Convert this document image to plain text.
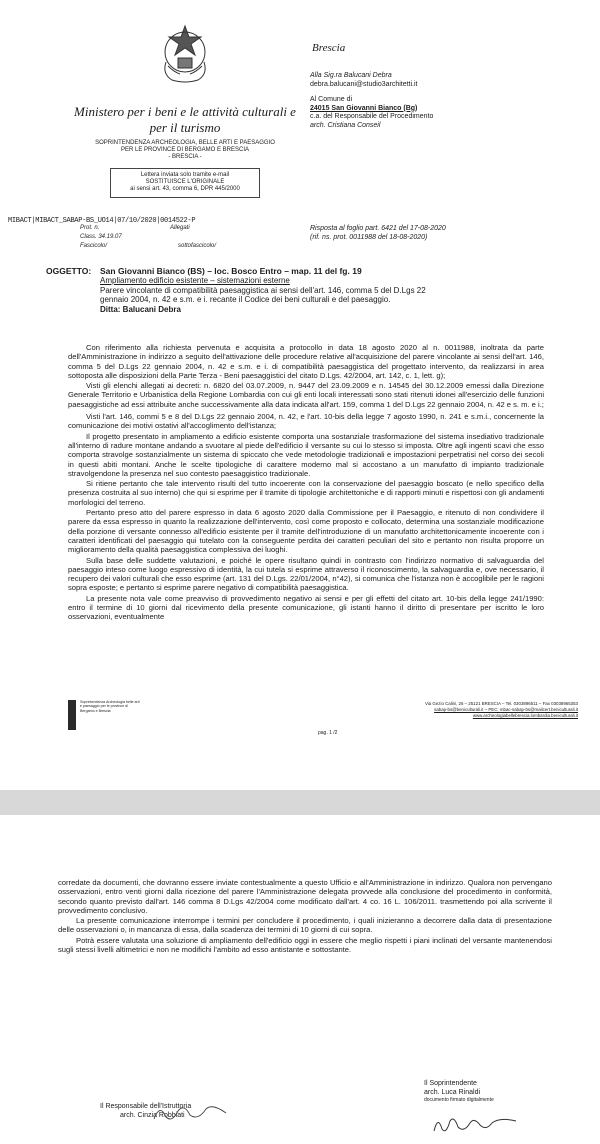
Ministero per i beni e le attività culturali e
per il turismo
SOPRINTENDENZA ARCHEOLOGIA, BELLE ARTI E PAESAGGIO
PER LE PROVINCE DI BERGAMO E BRESCIA
- BRESCIA -
Lettera inviata solo tramite e-mail
SOSTITUISCE L'ORIGINALE
ai sensi art. 43, comma 6, DPR 445/2000
Brescia
Alla Sig.ra Balucani Debra
debra.balucani@studio3architetti.it
Al Comune di
24015 San Giovanni Bianco (Bg)
c.a. del Responsabile del Procedimento
arch. Cristiana Conseil
MIBACT|MIBACT_SABAP-BS_UO14|07/10/2020|0014522-P
Prot. n.	Allegati
Class. 34.19.07
Fascicolo/	sottofascicolo/
Risposta al foglio part. 6421 del 17-08-2020
(rif. ns. prot. 0011988 del 18-08-2020)
OGGETTO: San Giovanni Bianco (BS) – loc. Bosco Entro – map. 11 del fg. 19
Ampliamento edificio esistente – sistemazioni esterne
Parere vincolante di compatibilità paesaggistica ai sensi dell'art. 146, comma 5 del D.Lgs 22
gennaio 2004, n. 42 e s.m. e i. recante il Codice dei beni culturali e del paesaggio.
Ditta: Balucani Debra

Con riferimento alla richiesta pervenuta e acquisita a protocollo in data 18 agosto 2020 al n. 0011988, inoltrata da parte dell'Amministrazione in indirizzo a seguito dell'attivazione delle procedure relative all'acquisizione del parere vincolante ai sensi dell'art. 146, comma 5 del D.Lgs 22 gennaio 2004, n. 42 e s.m. e i. di compatibilità paesaggistica del progettato intervento, da realizzarsi in area sottoposta alle disposizioni della Parte Terza - Beni paesaggistici del citato D.Lgs. 42/2004, art. 142, c. 1, lett. g);

Visti gli elenchi allegati ai decreti: n. 6820 del 03.07.2009, n. 9447 del 23.09.2009 e n. 14545 del 30.12.2009 emessi dalla Direzione Generale Territorio e Urbanistica della Regione Lombardia con cui gli enti locali interessati sono stati ritenuti idonei all'esercizio delle funzioni paesaggistiche ad essi attribuite anche successivamente alla data indicata all'art. 159, comma 1 del D.Lgs 22 gennaio 2004, n. 42 e s. m. e i.;

Visti l'art. 146, commi 5 e 8 del D.Lgs 22 gennaio 2004, n. 42, e l'art. 10-bis della legge 7 agosto 1990, n. 241 e s.m.i., concernente la comunicazione dei motivi ostativi all'accoglimento dell'istanza;

Il progetto presentato in ampliamento a edificio esistente comporta una sostanziale trasformazione del sistema insediativo tradizionale all'interno di radure montane andando a svuotare al piede dell'edificio il versante su cui lo stesso si imposta. Oltre agli ingenti scavi che esso comporta stravolge sostanzialmente un sistema di spiccato che vede metodologie tradizionali e impostazioni perpetratisi nel corso dei secoli in questi abiti montani. Anche le scelte tipologiche di carattere moderno mal si accostano a un manufatto di impianto tradizionale stravolgendone la presenza nel suo contesto paesaggistico tradizionale.

Si ritiene pertanto che tale intervento risulti del tutto incoerente con la conservazione del paesaggio boscato (e nello specifico della presenza costruita al suo interno) che qui si esprime per il tramite di tipologie architettoniche e di rapporti minuti e rispettosi con gli andamenti morfologici del terreno.

Pertanto preso atto del parere espresso in data 6 agosto 2020 dalla Commissione per il Paesaggio, e ritenuto di non condividere il parere da essa espresso in quanto la realizzazione dell'intervento, così come proposto e collocato, determina una sostanziale modificazione della porzione di versante connesso all'edificio esistente per il tramite dell'introduzione di un manufatto architettonicamente incoerente con i caratteri identificati del paesaggio qui tutelato con la conseguente perdita dei caratteri peculiari del sito e pertanto non risulta proporre un miglioramento della qualità paesaggistica complessiva dei luoghi.

Sulla base delle suddette valutazioni, e poiché le opere risultano quindi in contrasto con l'indirizzo normativo di salvaguardia del paesaggio inteso come luogo espressivo di identità, la cui tutela si esprime attraverso il riconoscimento, la salvaguardia e, ove necessario, il recupero dei valori culturali che esso esprime (art. 131 del D.Lgs. 22/01/2004, n°42), si comunica che l'istanza non è accoglibile per le ragioni sopra esposte; e pertanto si esprime parere negativo di compatibilità paesaggistica.

La presente nota vale come preavviso di provvedimento negativo ai sensi e per gli effetti del citato art. 10-bis della legge 241/1990: entro il termine di 10 giorni dal ricevimento della presente comunicazione, gli istanti hanno il diritto di presentare per iscritto le loro osservazioni, eventualmente

Soprintendenza Archeologia belle arti e paesaggio per le province di Bergamo e Brescia
Via Gezio Calini, 26 – 25121 BRESCIA – Tel. 0303896511 – Fax 03038965353
sabap-bs@beniculturali.it – PEC: mbac-sabap-bs@mailcert.beniculturali.it
www.archeologiabellebrescia.lombardia.beniculturali.it
pag. 1 /2

corredate da documenti, che dovranno essere inviate contestualmente a questo Ufficio e all'Amministrazione in indirizzo. Qualora non pervengano osservazioni, entro venti giorni dalla ricezione del parere l'Amministrazione delegata provvede alla conclusione del procedimento in conformità, secondo quanto previsto dall'art. 146 comma 8 D.Lgs 42/2004 come modificato dall'art. 4 co. 16 L. 106/2011. trasmettendo poi alla scrivente il provvedimento conclusivo.

La presente comunicazione interrompe i termini per concludere il procedimento, i quali inizieranno a decorrere dalla data di presentazione delle osservazioni o, in mancanza di essa, dalla scadenza dei termini di 10 giorni di cui sopra.

Potrà essere valutata una soluzione di ampliamento dell'edificio oggi in essere che meglio rispetti i piani inclinati del versante mantenendosi sugli stessi livelli altimetrici e non ne modifichi l'ambito ad esso antistante e sottostante.

Il Soprintendente
arch. Luca Rinaldi
documento firmato digitalmente
Il Responsabile dell'Istruttoria
arch. Cinzia Robbiati
